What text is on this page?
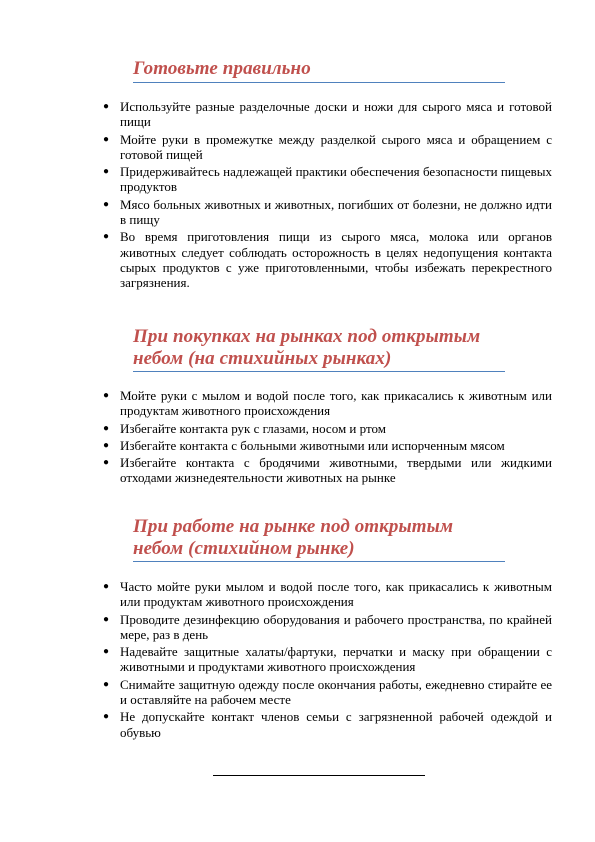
Готовьте правильно
● Используйте разные разделочные доски и ножи для сырого мяса и готовой пищи
● Мойте руки в промежутке между разделкой сырого мяса и обращением с готовой пищей
● Придерживайтесь надлежащей практики обеспечения безопасности пищевых продуктов
● Мясо больных животных и животных, погибших от болезни, не должно идти в пищу
● Во время приготовления пищи из сырого мяса, молока или органов животных следует соблюдать осторожность в целях недопущения контакта сырых продуктов с уже приготовленными, чтобы избежать перекрестного загрязнения.
При покупках на рынках под открытым
небом (на стихийных рынках)
● Мойте руки с мылом и водой после того, как прикасались к животным или продуктам животного происхождения
● Избегайте контакта рук с глазами, носом и ртом
● Избегайте контакта с больными животными или испорченным мясом
● Избегайте контакта с бродячими животными, твердыми или жидкими отходами жизнедеятельности животных на рынке
При работе на рынке под открытым
небом (стихийном рынке)
● Часто мойте руки мылом и водой после того, как прикасались к животным или продуктам животного происхождения
● Проводите дезинфекцию оборудования и рабочего пространства, по крайней мере, раз в день
● Надевайте защитные халаты/фартуки, перчатки и маску при обращении с животными и продуктами животного происхождения
● Снимайте защитную одежду после окончания работы, ежедневно стирайте ее и оставляйте на рабочем месте
● Не допускайте контакт членов семьи с загрязненной рабочей одеждой и обувью
